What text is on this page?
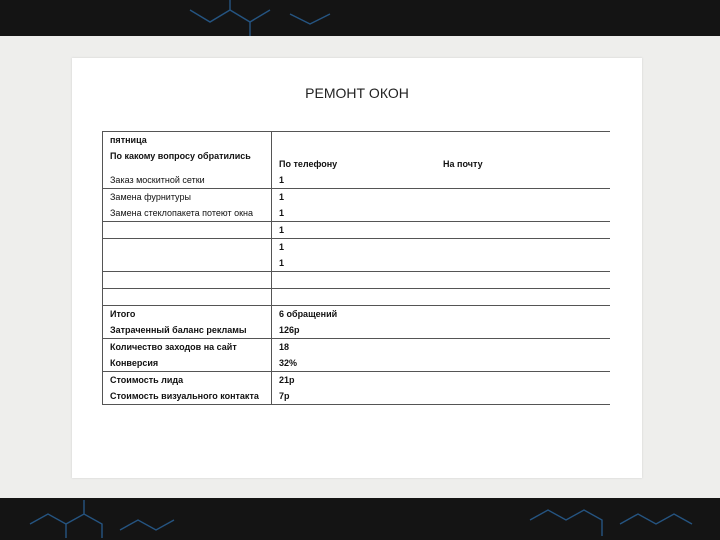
РЕМОНТ ОКОН
пятница	
По какому вопросу обратились	По телефону На почту
Заказ москитной сетки	1
Замена фурнитуры	1
Замена стеклопакета потеют окна	1
	1
	1
	1

Итого	6 обращений
Затраченный баланс рекламы	126р
Количество заходов на сайт	18
Конверсия	32%
Стоимость лида	21р
Стоимость визуального контакта	7р
